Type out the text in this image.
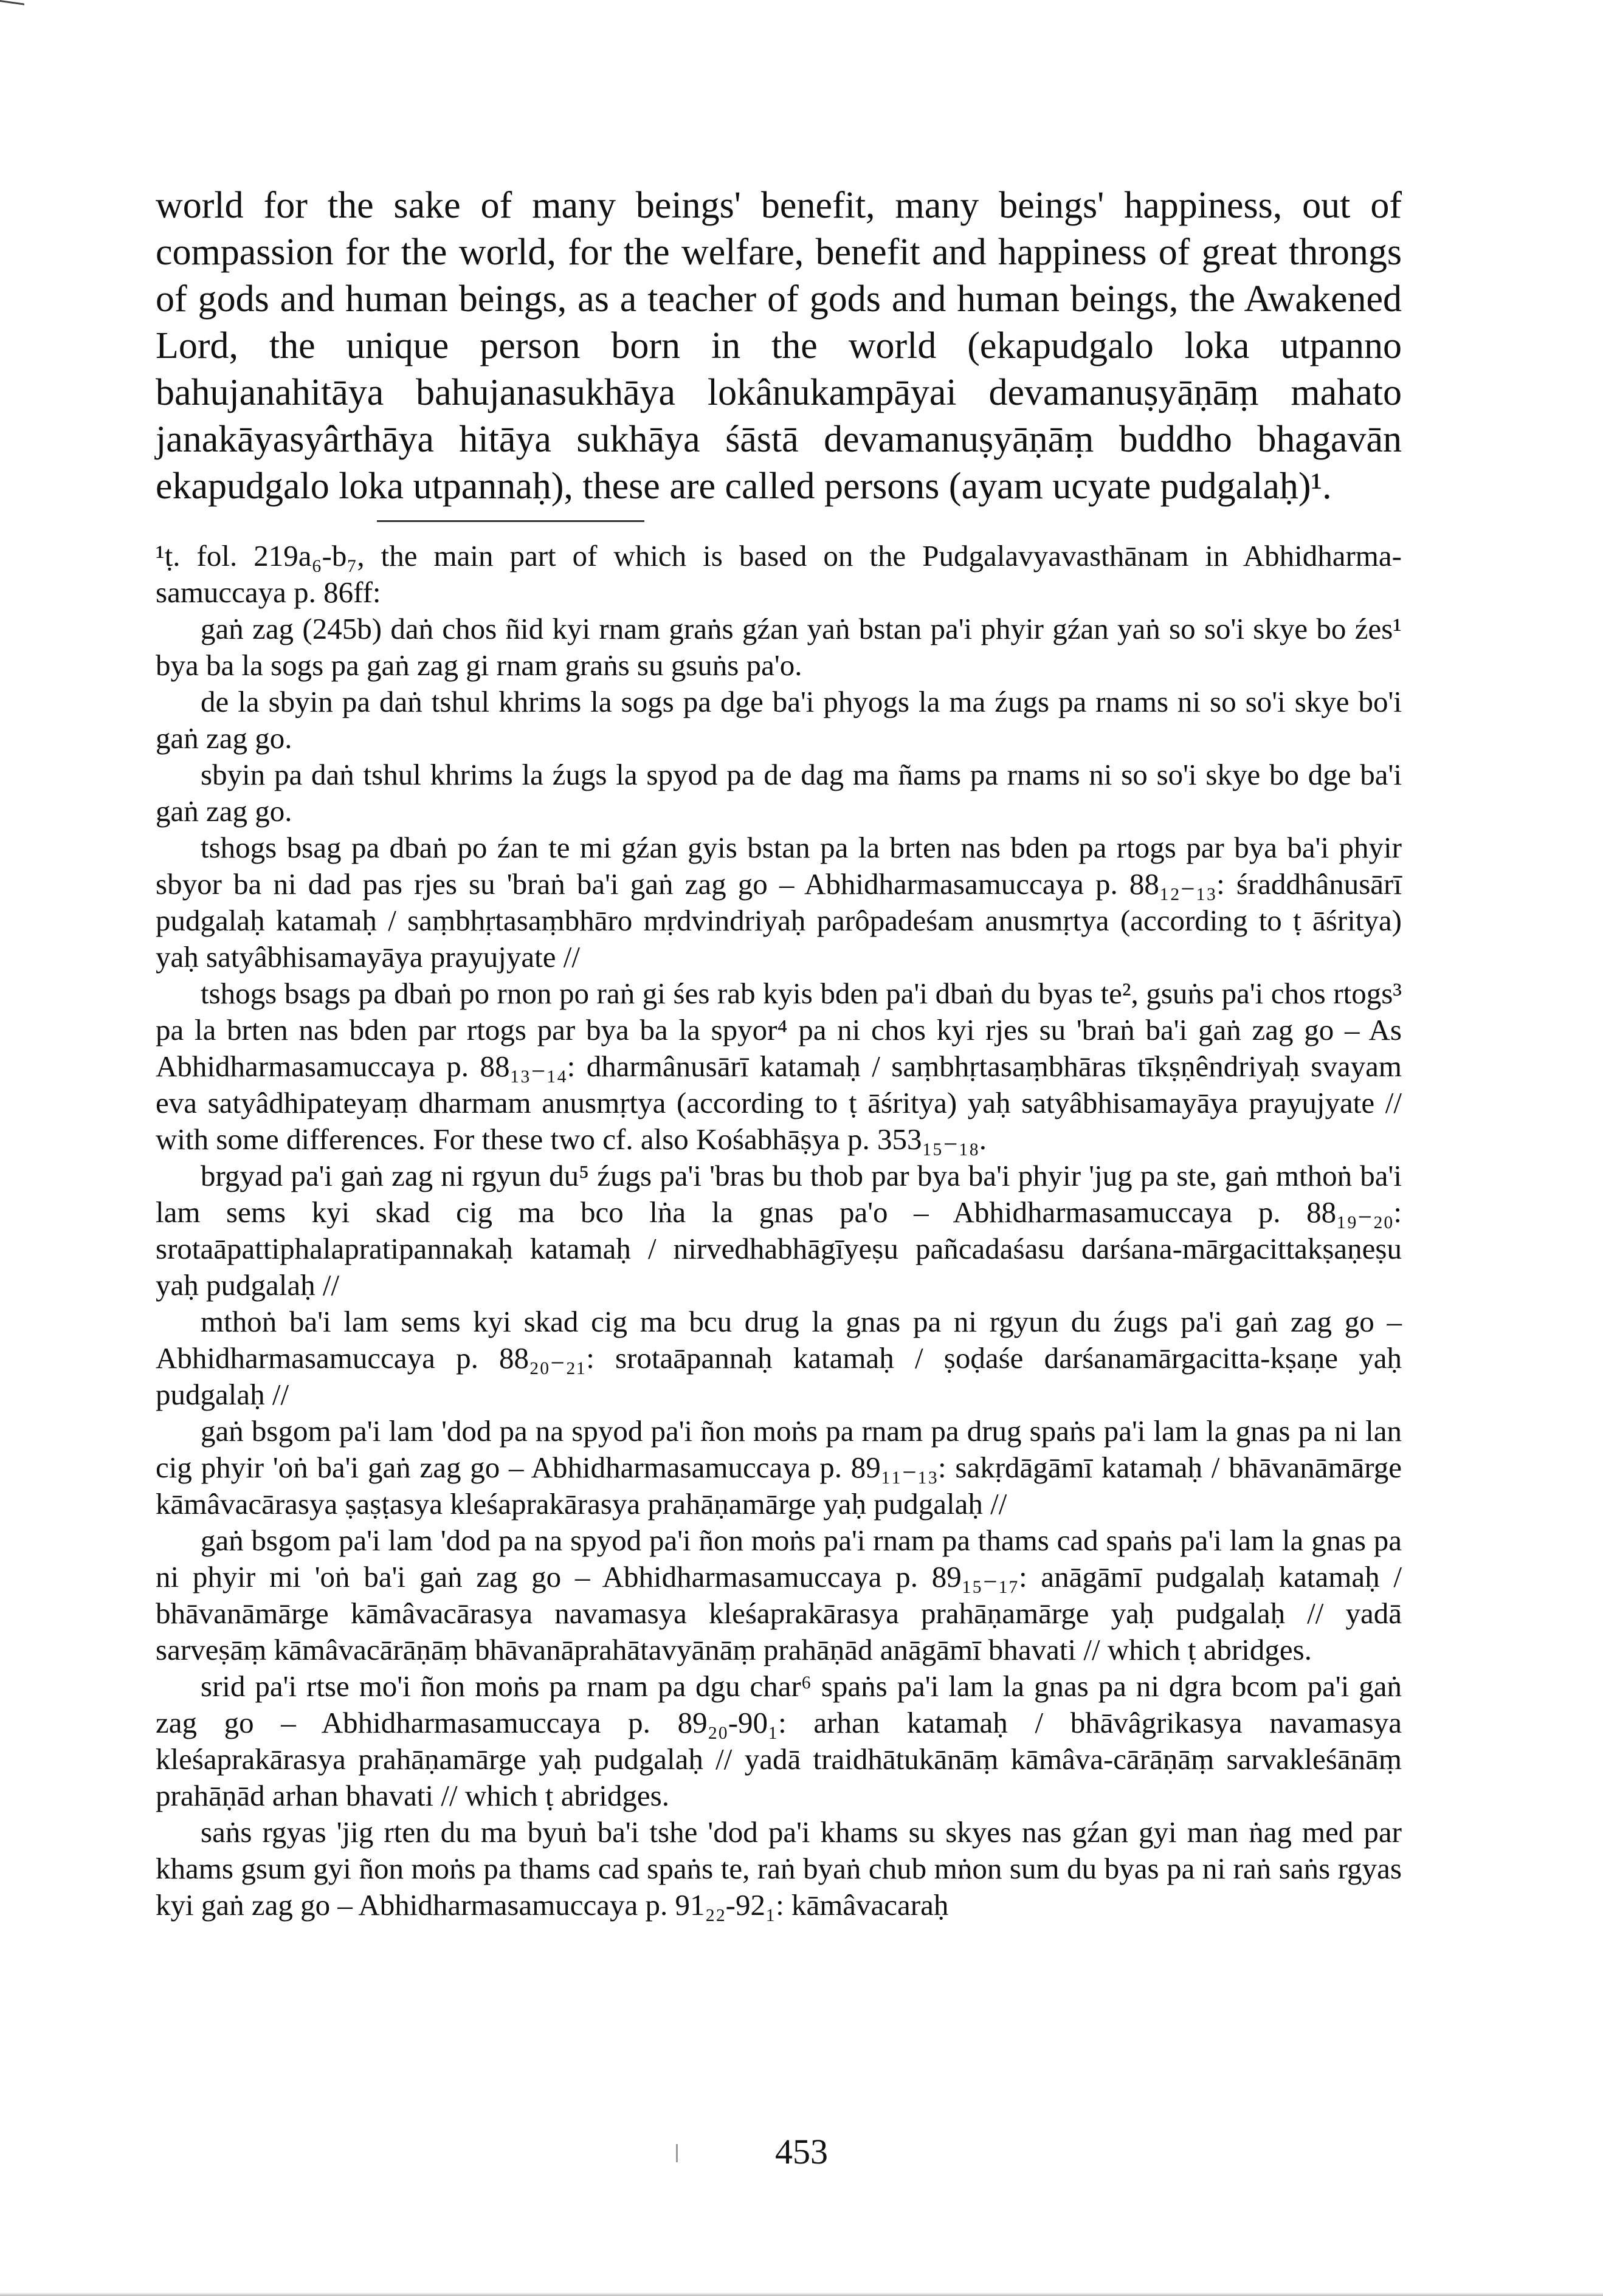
world for the sake of many beings' benefit, many beings' happiness, out of compassion for the world, for the welfare, benefit and happiness of great throngs of gods and human beings, as a teacher of gods and human beings, the Awakened Lord, the unique person born in the world (ekapudgalo loka utpanno bahujanahitāya bahujanasukhāya lokânukampāyai devamanuṣyāṇāṃ mahato janakāyasyârthāya hitāya sukhāya śāstā devamanuṣyāṇāṃ buddho bhagavān ekapudgalo loka utpannaḥ), these are called persons (ayam ucyate pudgalaḥ)¹.

¹ṭ. fol. 219a₆-b₇, the main part of which is based on the Pudgalavyavasthānam in Abhidharma-samuccaya p. 86ff:

gaṅ zag (245b) daṅ chos ñid kyi rnam graṅs gźan yaṅ bstan pa'i phyir gźan yaṅ so so'i skye bo źes¹ bya ba la sogs pa gaṅ zag gi rnam graṅs su gsuṅs pa'o.

de la sbyin pa daṅ tshul khrims la sogs pa dge ba'i phyogs la ma źugs pa rnams ni so so'i skye bo'i gaṅ zag go.

sbyin pa daṅ tshul khrims la źugs la spyod pa de dag ma ñams pa rnams ni so so'i skye bo dge ba'i gaṅ zag go.

tshogs bsag pa dbaṅ po źan te mi gźan gyis bstan pa la brten nas bden pa rtogs par bya ba'i phyir sbyor ba ni dad pas rjes su 'braṅ ba'i gaṅ zag go – Abhidharmasamuccaya p. 88₁₂₋₁₃: śraddhânusārī pudgalaḥ katamaḥ / saṃbhṛtasaṃbhāro mṛdvindriyaḥ parôpadeśam anusmṛtya (according to ṭ āśritya) yaḥ satyâbhisamayāya prayujyate //

tshogs bsags pa dbaṅ po rnon po raṅ gi śes rab kyis bden pa'i dbaṅ du byas te², gsuṅs pa'i chos rtogs³ pa la brten nas bden par rtogs par bya ba la spyor⁴ pa ni chos kyi rjes su 'braṅ ba'i gaṅ zag go – As Abhidharmasamuccaya p. 88₁₃₋₁₄: dharmânusārī katamaḥ / saṃbhṛtasaṃbhāras tīkṣṇêndriyaḥ svayam eva satyâdhipateyaṃ dharmam anusmṛtya (according to ṭ āśritya) yaḥ satyâbhisamayāya prayujyate // with some differences. For these two cf. also Kośabhāṣya p. 353₁₅₋₁₈.

brgyad pa'i gaṅ zag ni rgyun du⁵ źugs pa'i 'bras bu thob par bya ba'i phyir 'jug pa ste, gaṅ mthoṅ ba'i lam sems kyi skad cig ma bco lṅa la gnas pa'o – Abhidharmasamuccaya p. 88₁₉₋₂₀: srotaāpattiphalapratipannakaḥ katamaḥ / nirvedhabhāgīyeṣu pañcadaśasu darśana-mārgacittakṣaṇeṣu yaḥ pudgalaḥ //

mthoṅ ba'i lam sems kyi skad cig ma bcu drug la gnas pa ni rgyun du źugs pa'i gaṅ zag go – Abhidharmasamuccaya p. 88₂₀₋₂₁: srotaāpannaḥ katamaḥ / ṣoḍaśe darśanamārgacitta-kṣaṇe yaḥ pudgalaḥ //

gaṅ bsgom pa'i lam 'dod pa na spyod pa'i ñon moṅs pa rnam pa drug spaṅs pa'i lam la gnas pa ni lan cig phyir 'oṅ ba'i gaṅ zag go – Abhidharmasamuccaya p. 89₁₁₋₁₃: sakṛdāgāmī katamaḥ / bhāvanāmārge kāmâvacārasya ṣaṣṭasya kleśaprakārasya prahāṇamārge yaḥ pudgalaḥ //

gaṅ bsgom pa'i lam 'dod pa na spyod pa'i ñon moṅs pa'i rnam pa thams cad spaṅs pa'i lam la gnas pa ni phyir mi 'oṅ ba'i gaṅ zag go – Abhidharmasamuccaya p. 89₁₅₋₁₇: anāgāmī pudgalaḥ katamaḥ / bhāvanāmārge kāmâvacārasya navamasya kleśaprakārasya prahāṇamārge yaḥ pudgalaḥ // yadā sarveṣāṃ kāmâvacārāṇāṃ bhāvanāprahātavyānāṃ prahāṇād anāgāmī bhavati // which ṭ abridges.

srid pa'i rtse mo'i ñon moṅs pa rnam pa dgu char⁶ spaṅs pa'i lam la gnas pa ni dgra bcom pa'i gaṅ zag go – Abhidharmasamuccaya p. 89₂₀-90₁: arhan katamaḥ / bhāvâgrikasya navamasya kleśaprakārasya prahāṇamārge yaḥ pudgalaḥ // yadā traidhātukānāṃ kāmâva-cārāṇāṃ sarvakleśānāṃ prahāṇād arhan bhavati // which ṭ abridges.

saṅs rgyas 'jig rten du ma byuṅ ba'i tshe 'dod pa'i khams su skyes nas gźan gyi man ṅag med par khams gsum gyi ñon moṅs pa thams cad spaṅs te, raṅ byaṅ chub mṅon sum du byas pa ni raṅ saṅs rgyas kyi gaṅ zag go – Abhidharmasamuccaya p. 91₂₂-92₁: kāmâvacaraḥ

453
